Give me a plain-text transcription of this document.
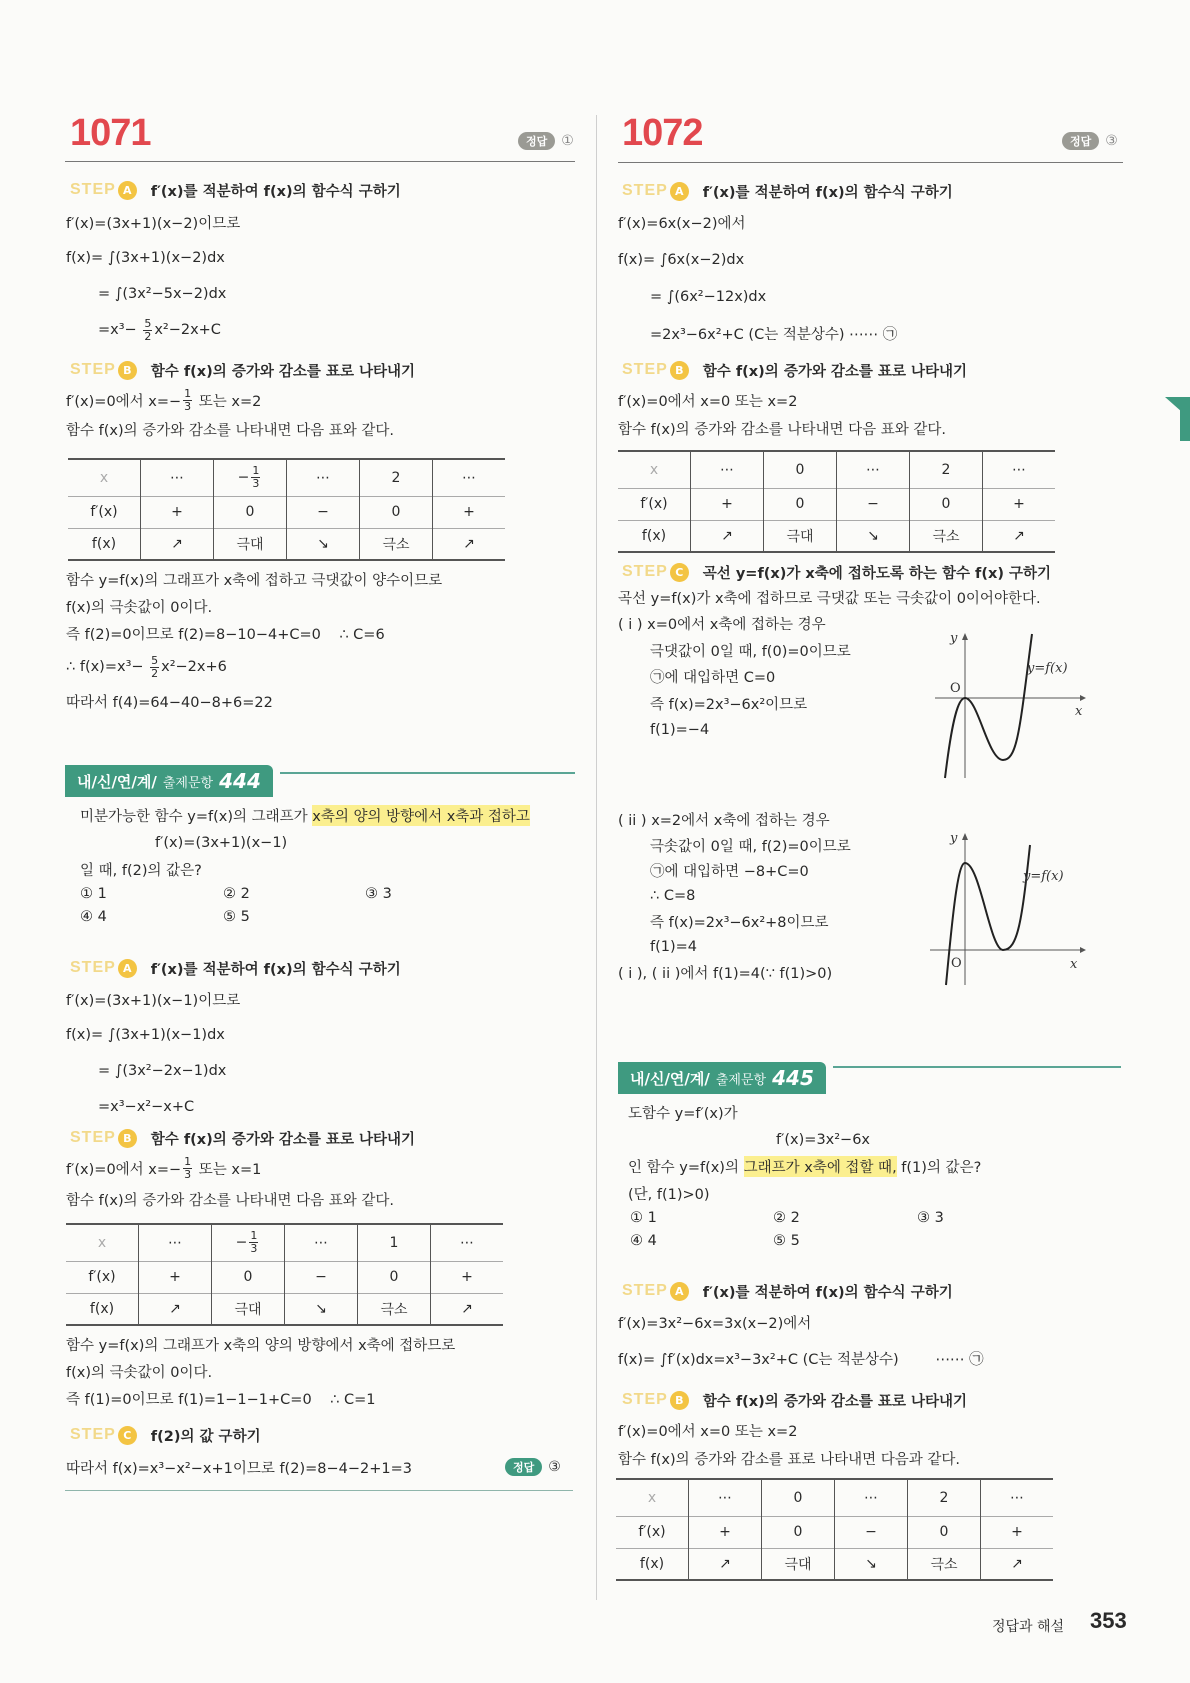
1071	정답	①
STEP A	f′(x)를 적분하여 f(x)의 함수식 구하기
f′(x)=(3x+1)(x−2)이므로
f(x)= ∫(3x+1)(x−2)dx
= ∫(3x²−5x−2)dx
$=x^3- \frac{5}{2} x^2-2x+C$
STEP B	함수 f(x)의 증가와 감소를 표로 나타내기
f′(x)=0에서 $x=- \frac{1}{3}$ 또는 x=2
함수 f(x)의 증가와 감소를 나타내면 다음 표와 같다.
x	⋯	− $\frac{1}{3}$	⋯	2	⋯
f′(x)	+	0	−	0	+
f(x)	↗	극대	↘	극소	↗
함수 y=f(x)의 그래프가 x축에 접하고 극댓값이 양수이므로
f(x)의 극솟값이 0이다.
즉 f(2)=0이므로 f(2)=8−10−4+C=0    ∴ C=6
∴ $f(x)=x^3- \frac{5}{2} x^2-2x+6$
따라서 f(4)=64−40−8+6=22
내/신/연/계/ 출제문항 444
미분가능한 함수 y=f(x)의 그래프가 x축의 양의 방향에서 x축과 접하고
f′(x)=(3x+1)(x−1)
일 때, f(2)의 값은?
① 1	② 2	③ 3
④ 4	⑤ 5
STEP A	f′(x)를 적분하여 f(x)의 함수식 구하기
f′(x)=(3x+1)(x−1)이므로
f(x)= ∫(3x+1)(x−1)dx
= ∫(3x²−2x−1)dx
=x³−x²−x+C
STEP B	함수 f(x)의 증가와 감소를 표로 나타내기
f′(x)=0에서 $x=- \frac{1}{3}$ 또는 x=1
함수 f(x)의 증가와 감소를 나타내면 다음 표와 같다.
x	⋯	− $\frac{1}{3}$	⋯	1	⋯
f′(x)	+	0	−	0	+
f(x)	↗	극대	↘	극소	↗
함수 y=f(x)의 그래프가 x축의 양의 방향에서 x축에 접하므로
f(x)의 극솟값이 0이다.
즉 f(1)=0이므로 f(1)=1−1−1+C=0    ∴ C=1
STEP C	f(2)의 값 구하기
따라서 f(x)=x³−x²−x+1이므로 f(2)=8−4−2+1=3	정답	③
1072	정답	③
STEP A	f′(x)를 적분하여 f(x)의 함수식 구하기
f′(x)=6x(x−2)에서
f(x)= ∫6x(x−2)dx
= ∫(6x²−12x)dx
=2x³−6x²+C (C는 적분상수) ⋯⋯ ㉠
STEP B	함수 f(x)의 증가와 감소를 표로 나타내기
f′(x)=0에서 x=0 또는 x=2
함수 f(x)의 증가와 감소를 나타내면 다음 표와 같다.
x	⋯	0	⋯	2	⋯
f′(x)	+	0	−	0	+
f(x)	↗	극대	↘	극소	↗
STEP C	곡선 y=f(x)가 x축에 접하도록 하는 함수 f(x) 구하기
곡선 y=f(x)가 x축에 접하므로 극댓값 또는 극솟값이 0이어야한다.
( i ) x=0에서 x축에 접하는 경우
극댓값이 0일 때, f(0)=0이므로
㉠에 대입하면 C=0
즉 f(x)=2x³−6x²이므로
f(1)=−4
( ii ) x=2에서 x축에 접하는 경우
극솟값이 0일 때, f(2)=0이므로
㉠에 대입하면 −8+C=0
∴ C=8
즉 f(x)=2x³−6x²+8이므로
f(1)=4
( i ), ( ii )에서 f(1)=4(∵ f(1)>0)
y
x
O
y=f(x)
y
x
O
y=f(x)
내/신/연/계/ 출제문항 445
도함수 y=f′(x)가
f′(x)=3x²−6x
인 함수 y=f(x)의 그래프가 x축에 접할 때, f(1)의 값은?
(단, f(1)>0)
① 1	② 2	③ 3
④ 4	⑤ 5
STEP A	f′(x)를 적분하여 f(x)의 함수식 구하기
f′(x)=3x²−6x=3x(x−2)에서
f(x)= ∫f′(x)dx=x³−3x²+C (C는 적분상수)        ⋯⋯ ㉠
STEP B	함수 f(x)의 증가와 감소를 표로 나타내기
f′(x)=0에서 x=0 또는 x=2
함수 f(x)의 증가와 감소를 표로 나타내면 다음과 같다.
x	⋯	0	⋯	2	⋯
f′(x)	+	0	−	0	+
f(x)	↗	극대	↘	극소	↗
정답과 해설 353
